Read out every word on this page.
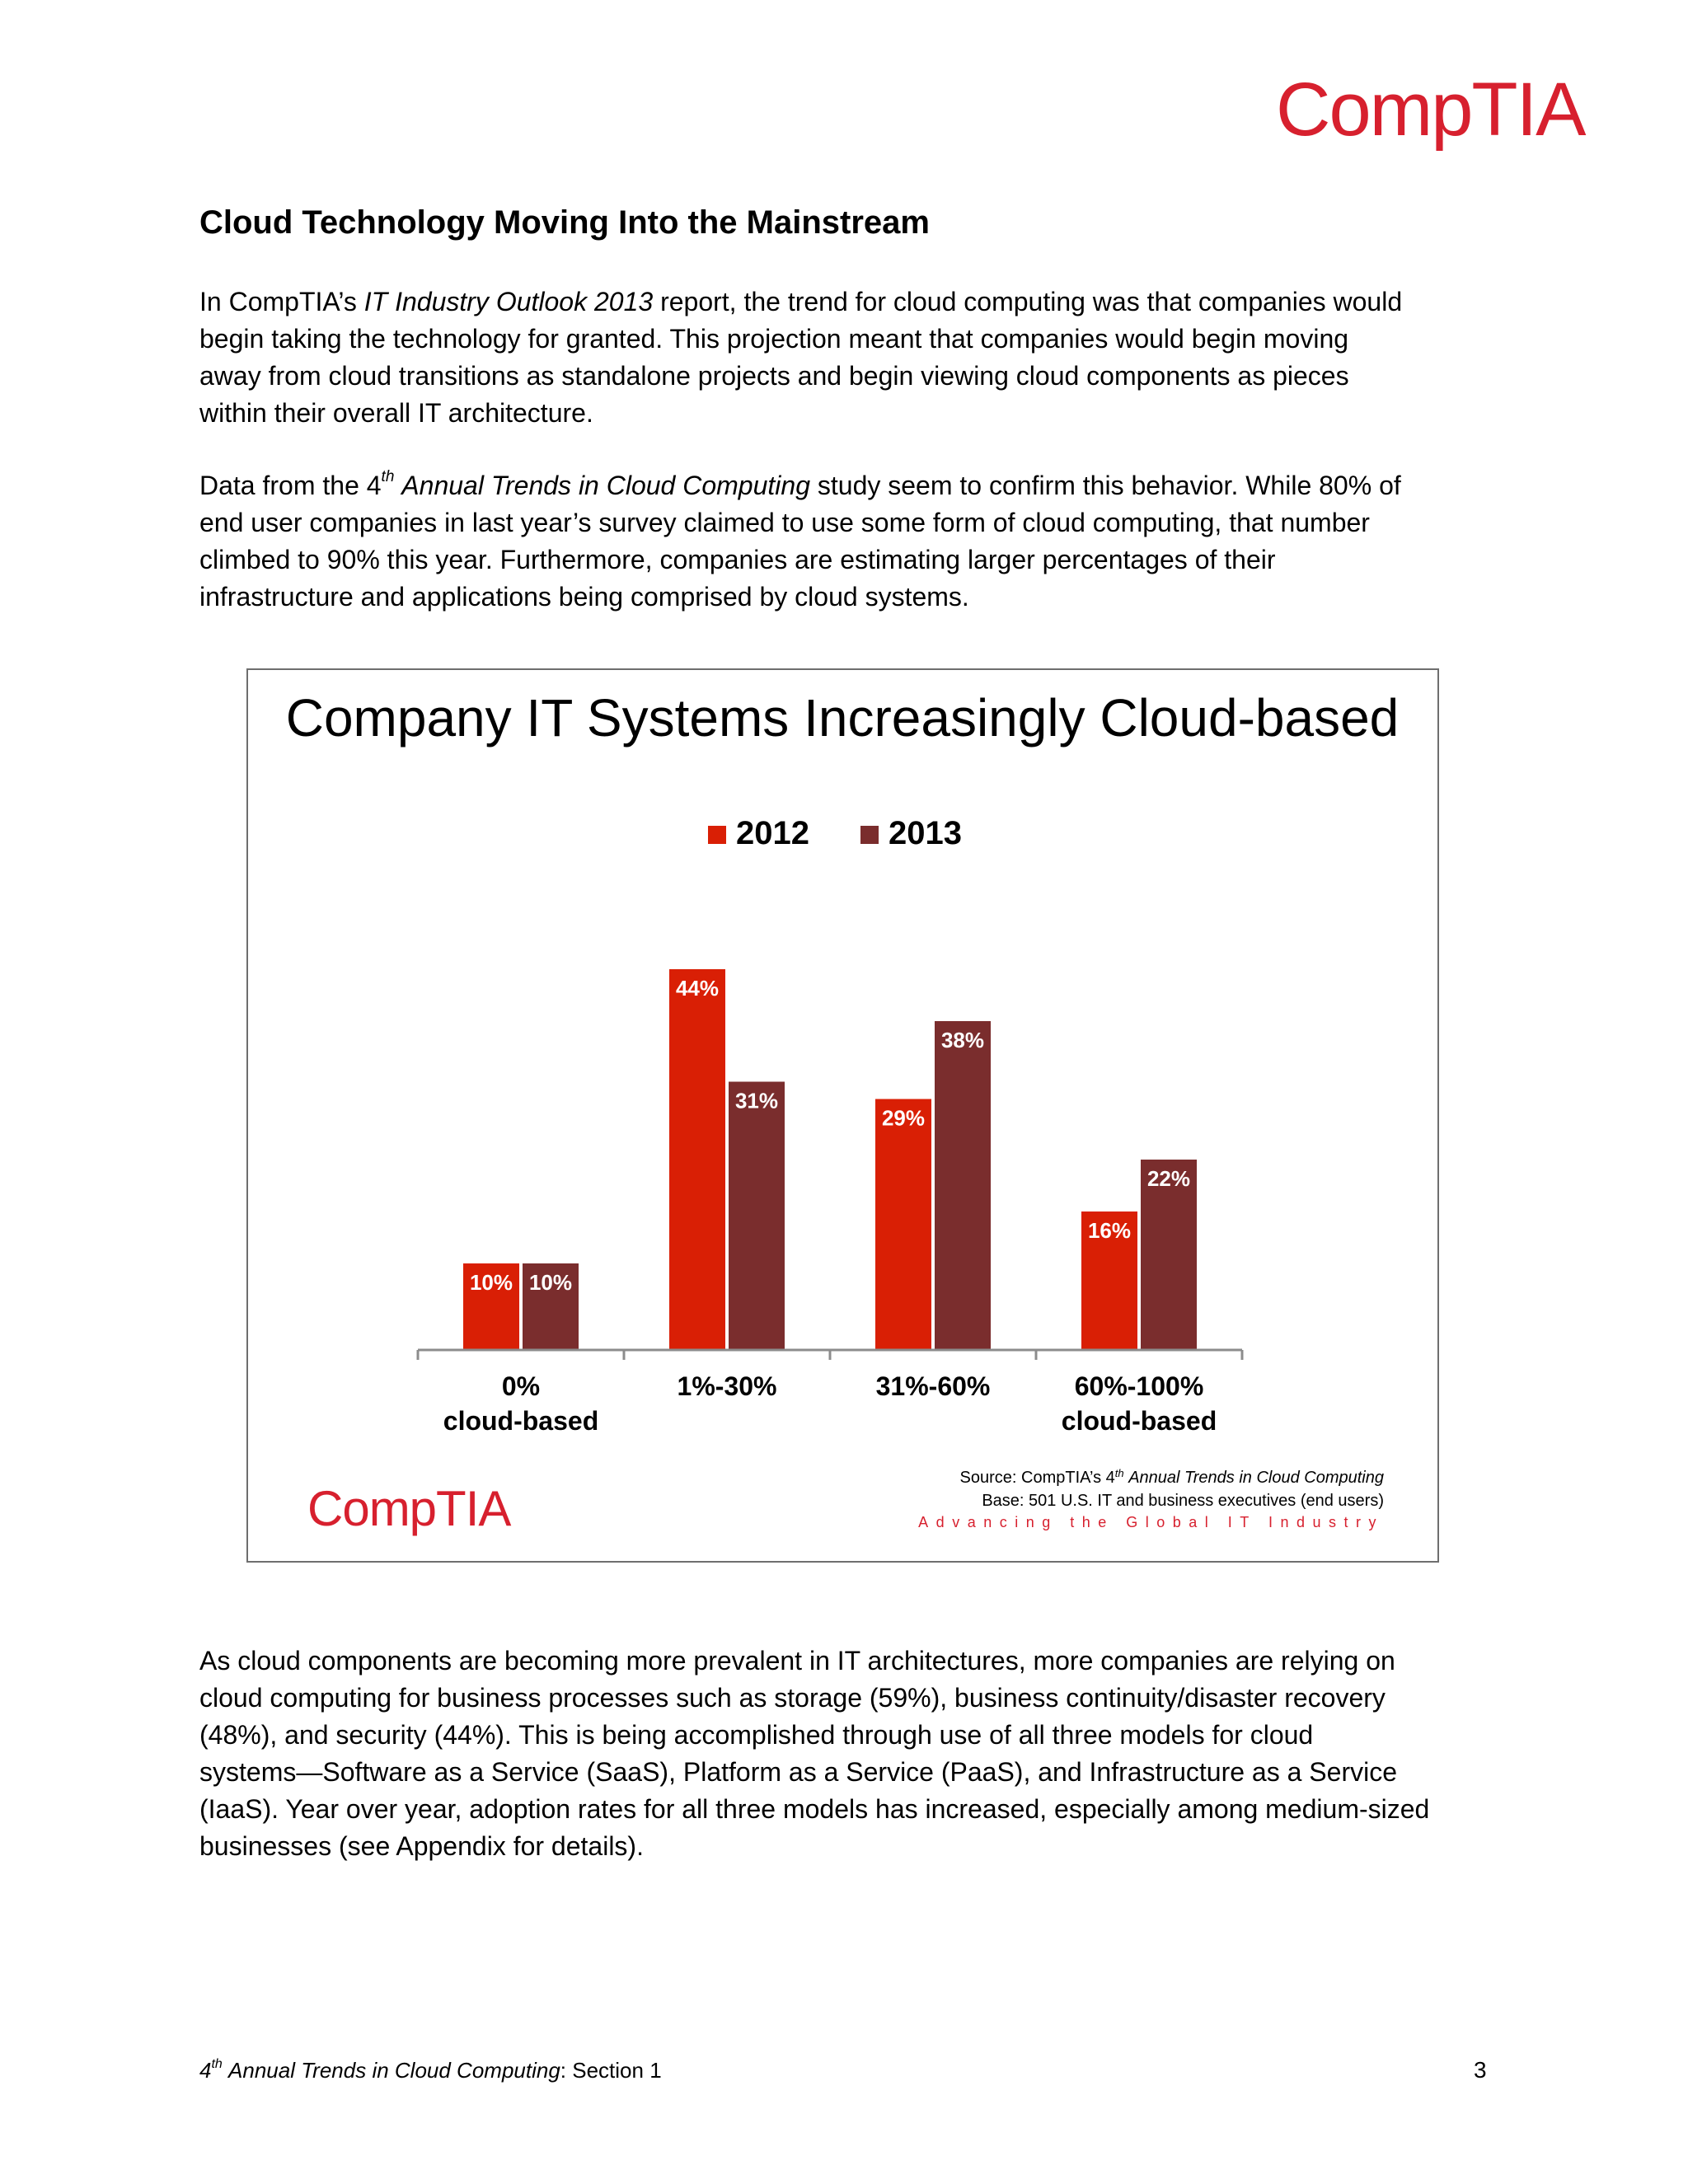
CompTIA
Cloud Technology Moving Into the Mainstream

In CompTIA’s IT Industry Outlook 2013 report, the trend for cloud computing was that companies would

begin taking the technology for granted. This projection meant that companies would begin moving

away from cloud transitions as standalone projects and begin viewing cloud components as pieces

within their overall IT architecture.

Data from the 4th Annual Trends in Cloud Computing study seem to confirm this behavior. While 80% of

end user companies in last year’s survey claimed to use some form of cloud computing, that number

climbed to 90% this year. Furthermore, companies are estimating larger percentages of their

infrastructure and applications being comprised by cloud systems.

Company IT Systems Increasingly Cloud-based
2012 2013
10% 10%
0%
cloud-based
44%
31%
1%-30%
29%
38%
31%-60%
16%
22%
60%-100%
cloud-based
Source: CompTIA’s 4th Annual Trends in Cloud Computing
Base: 501 U.S. IT and business executives (end users)
Advancing the Global IT Industry
CompTIA

As cloud components are becoming more prevalent in IT architectures, more companies are relying on

cloud computing for business processes such as storage (59%), business continuity/disaster recovery

(48%), and security (44%). This is being accomplished through use of all three models for cloud

systems—Software as a Service (SaaS), Platform as a Service (PaaS), and Infrastructure as a Service

(IaaS). Year over year, adoption rates for all three models has increased, especially among medium-sized

businesses (see Appendix for details).

4th Annual Trends in Cloud Computing: Section 1	3
